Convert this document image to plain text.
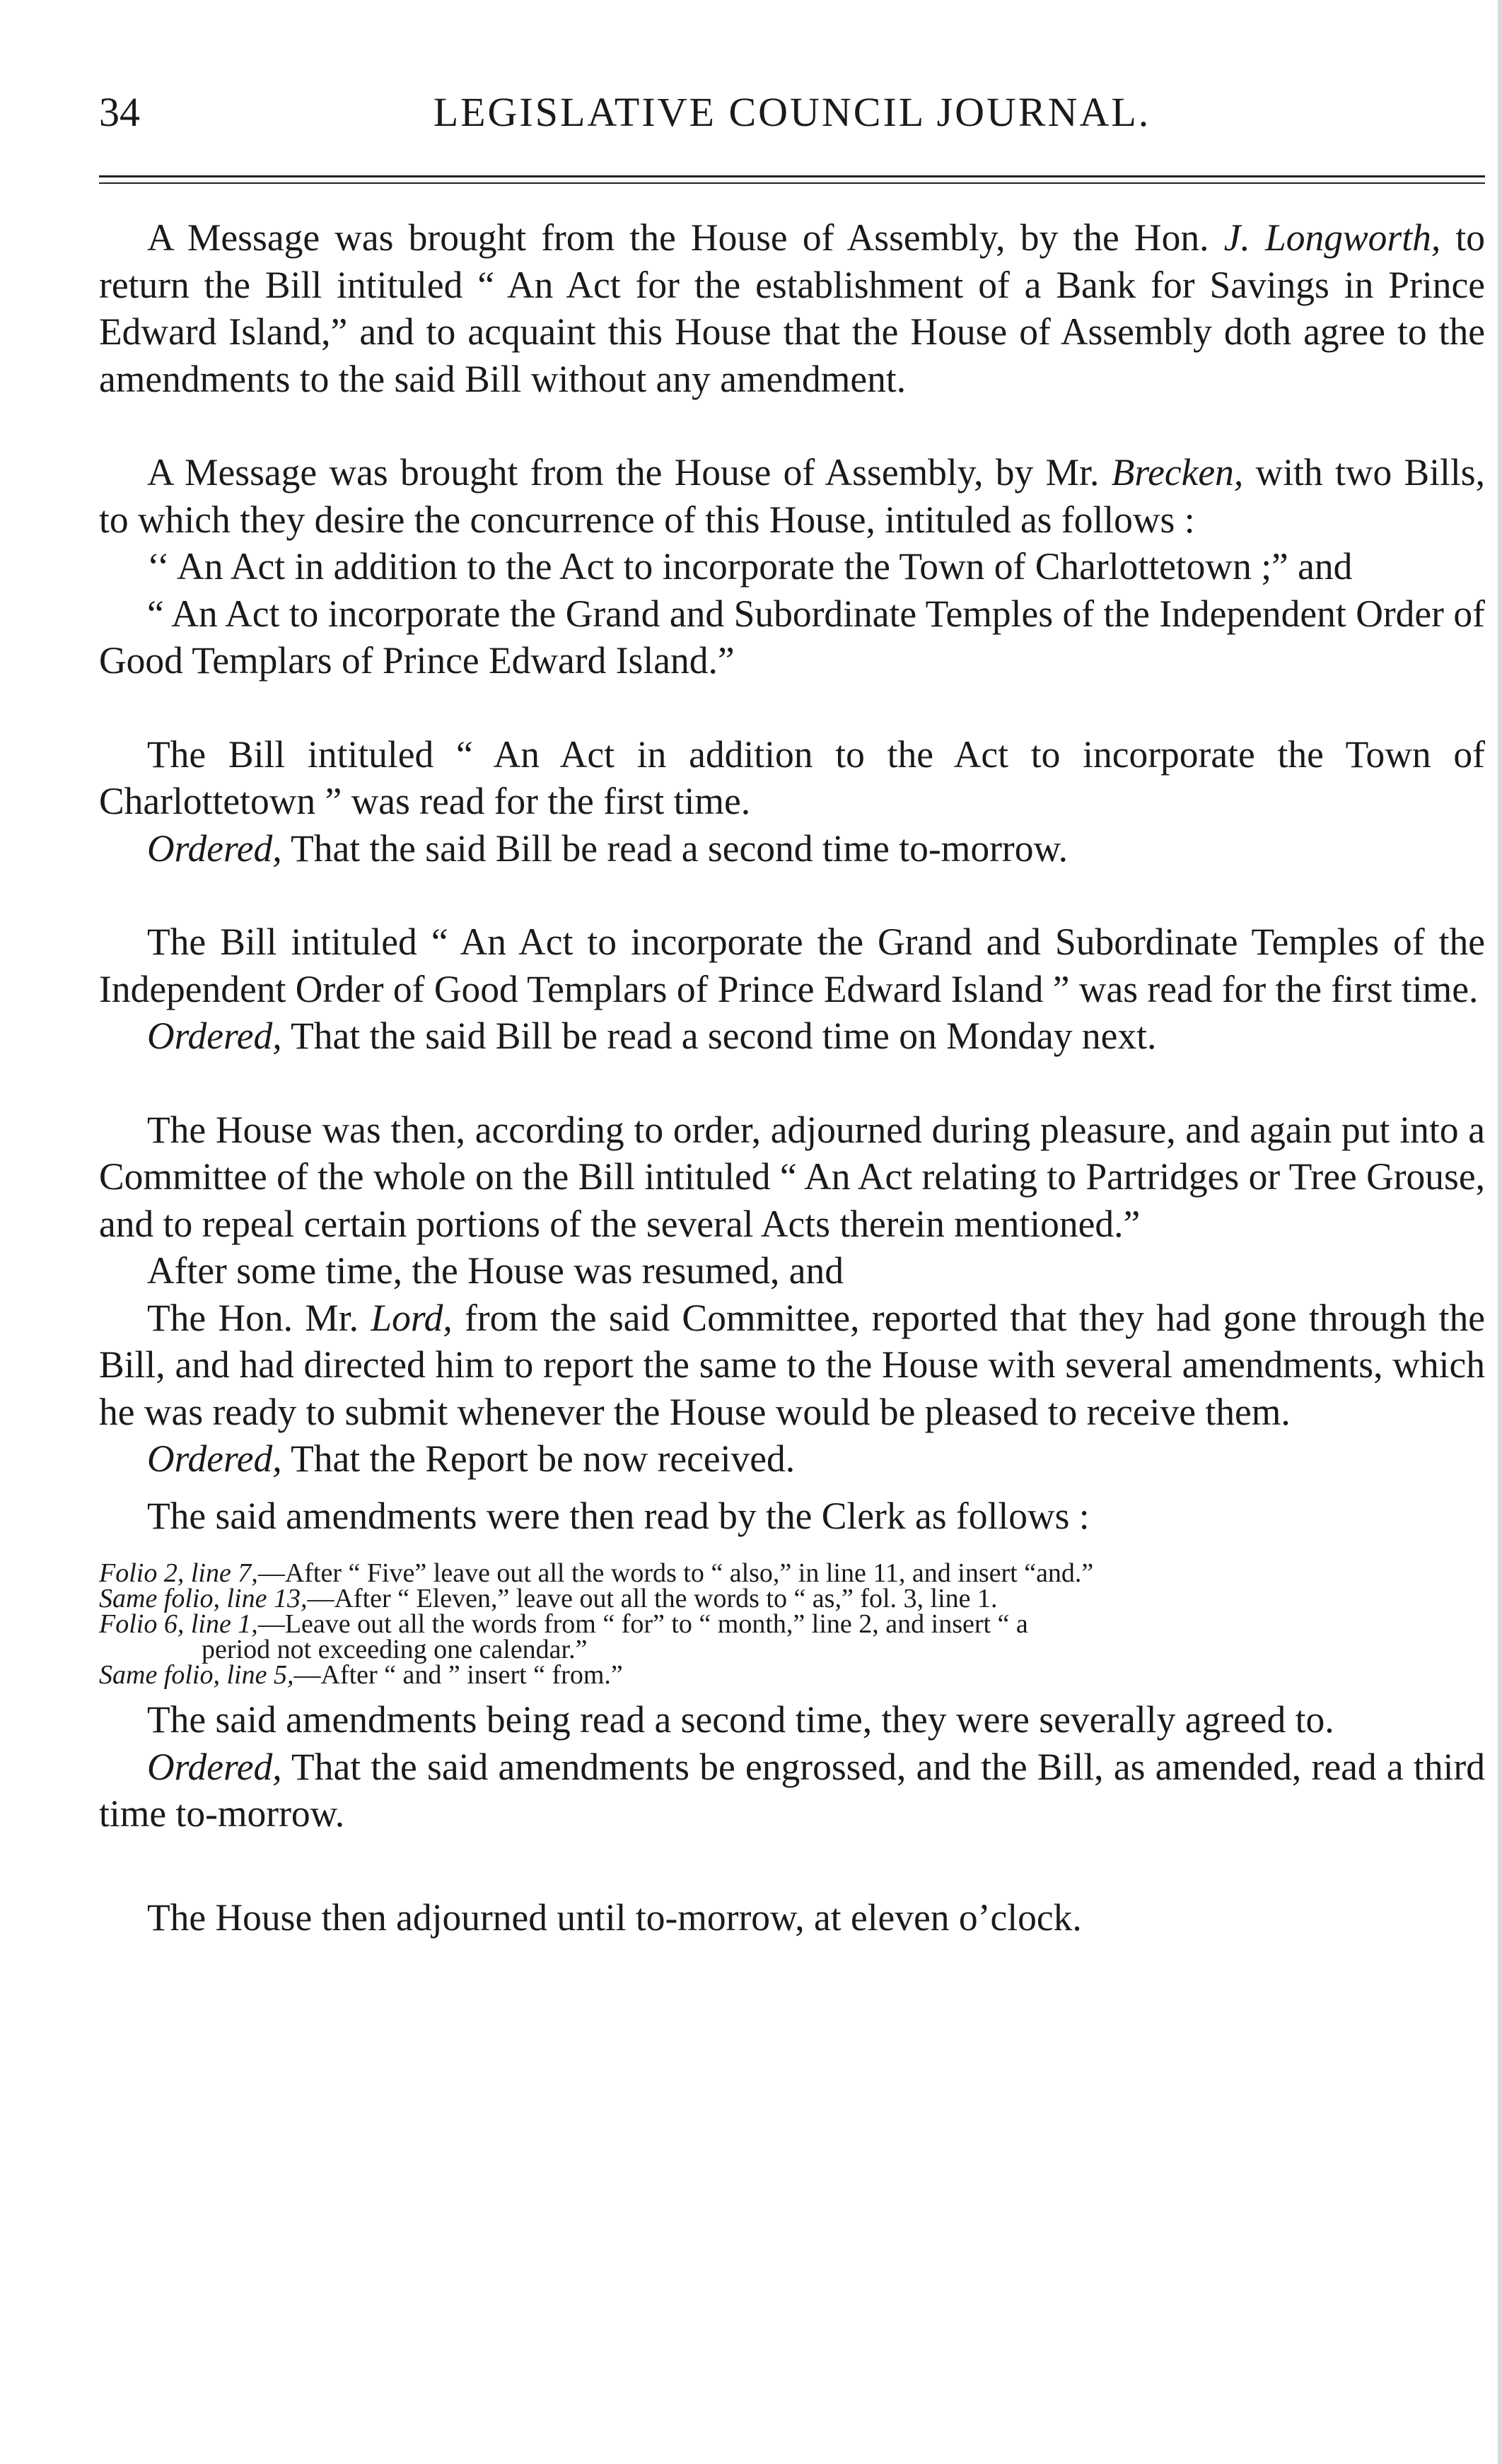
LEGISLATIVE COUNCIL JOURNAL.
34

A Message was brought from the House of Assembly, by the Hon. J. Longworth, to return the Bill intituled “ An Act for the establishment of a Bank for Savings in Prince Edward Island,” and to acquaint this House that the House of Assembly doth agree to the amendments to the said Bill without any amendment.

A Message was brought from the House of Assembly, by Mr. Brecken, with two Bills, to which they desire the concurrence of this House, intituled as follows :

‘‘ An Act in addition to the Act to incorporate the Town of Charlottetown ;” and

“ An Act to incorporate the Grand and Subordinate Temples of the Independent Order of Good Templars of Prince Edward Island.”

The Bill intituled “ An Act in addition to the Act to incorporate the Town of Charlottetown ” was read for the first time.

Ordered, That the said Bill be read a second time to-morrow.

The Bill intituled “ An Act to incorporate the Grand and Subordinate Temples of the Independent Order of Good Templars of Prince Edward Island ” was read for the first time.

Ordered, That the said Bill be read a second time on Monday next.

The House was then, according to order, adjourned during pleasure, and again put into a Committee of the whole on the Bill intituled “ An Act relating to Partridges or Tree Grouse, and to repeal certain portions of the several Acts therein mentioned.”

After some time, the House was resumed, and

The Hon. Mr. Lord, from the said Committee, reported that they had gone through the Bill, and had directed him to report the same to the House with several amendments, which he was ready to submit whenever the House would be pleased to receive them.

Ordered, That the Report be now received.

The said amendments were then read by the Clerk as follows :

Folio 2, line 7,—After “ Five” leave out all the words to “ also,” in line 11, and insert “and.”

Same folio, line 13,—After “ Eleven,” leave out all the words to “ as,” fol. 3, line 1.

Folio 6, line 1,—Leave out all the words from “ for” to “ month,” line 2, and insert “ a

period not exceeding one calendar.”

Same folio, line 5,—After “ and ” insert “ from.”

The said amendments being read a second time, they were severally agreed to.

Ordered, That the said amendments be engrossed, and the Bill, as amended, read a third time to-morrow.

The House then adjourned until to-morrow, at eleven o’clock.
